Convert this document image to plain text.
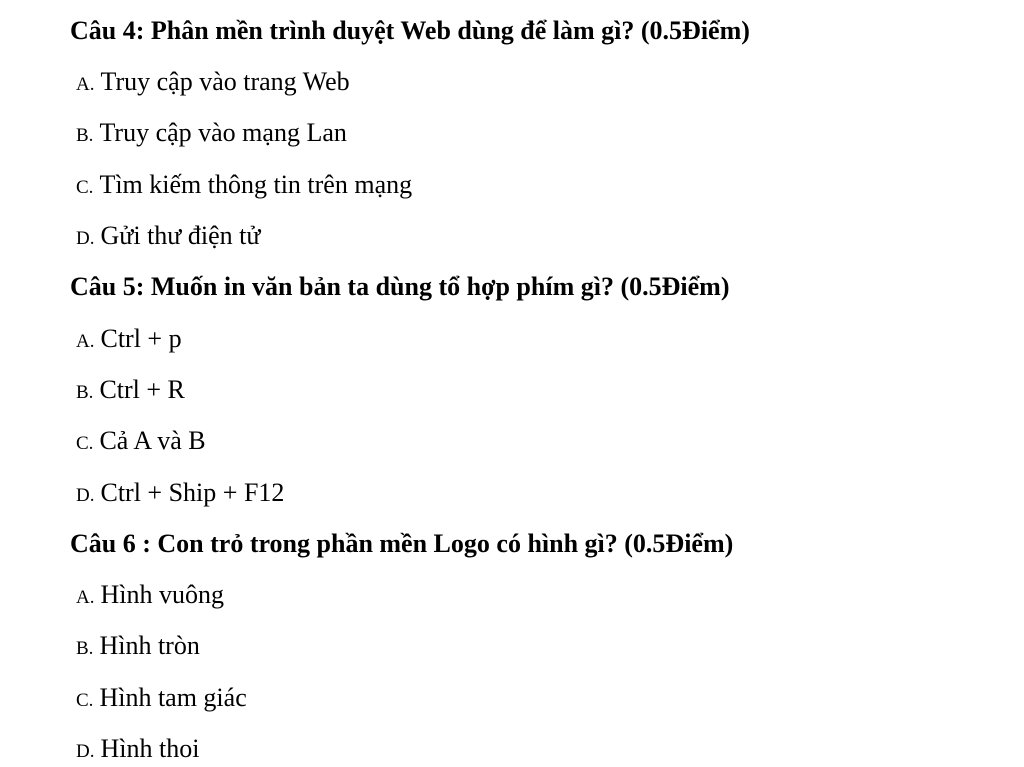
Câu 4: Phân mền trình duyệt Web dùng để làm gì? (0.5Điểm)
A. Truy cập vào trang Web
B. Truy cập vào mạng Lan
C. Tìm kiếm thông tin trên mạng
D. Gửi thư điện tử
Câu 5: Muốn in văn bản ta dùng tổ hợp phím gì? (0.5Điểm)
A. Ctrl + p
B. Ctrl + R
C. Cả A và B
D. Ctrl + Ship + F12
Câu 6 : Con trỏ trong phần mền Logo có hình gì? (0.5Điểm)
A. Hình vuông
B. Hình tròn
C. Hình tam giác
D. Hình thoi
